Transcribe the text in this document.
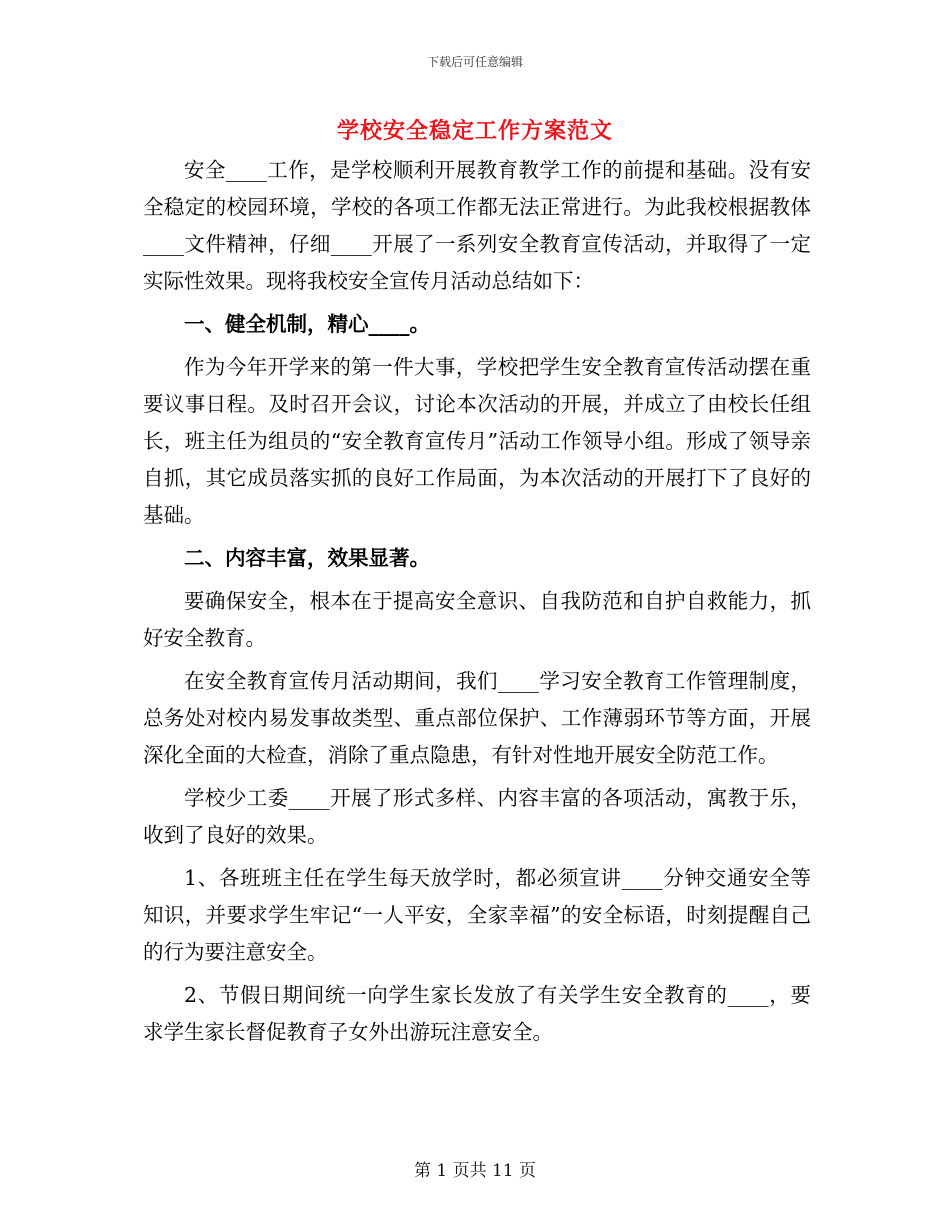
下载后可任意编辑
学校安全稳定工作方案范文

安全____工作，是学校顺利开展教育教学工作的前提和基础。没有安全稳定的校园环境，学校的各项工作都无法正常进行。为此我校根据教体____文件精神，仔细____开展了一系列安全教育宣传活动，并取得了一定实际性效果。现将我校安全宣传月活动总结如下：

一、健全机制，精心____。

作为今年开学来的第一件大事，学校把学生安全教育宣传活动摆在重要议事日程。及时召开会议，讨论本次活动的开展，并成立了由校长任组长，班主任为组员的“安全教育宣传月”活动工作领导小组。形成了领导亲自抓，其它成员落实抓的良好工作局面，为本次活动的开展打下了良好的基础。

二、内容丰富，效果显著。

要确保安全，根本在于提高安全意识、自我防范和自护自救能力，抓好安全教育。

在安全教育宣传月活动期间，我们____学习安全教育工作管理制度，总务处对校内易发事故类型、重点部位保护、工作薄弱环节等方面，开展深化全面的大检查，消除了重点隐患，有针对性地开展安全防范工作。

学校少工委____开展了形式多样、内容丰富的各项活动，寓教于乐，收到了良好的效果。

1、各班班主任在学生每天放学时，都必须宣讲____分钟交通安全等知识，并要求学生牢记“一人平安，全家幸福”的安全标语，时刻提醒自己的行为要注意安全。

2、节假日期间统一向学生家长发放了有关学生安全教育的____，要求学生家长督促教育子女外出游玩注意安全。

第 1 页共 11 页
